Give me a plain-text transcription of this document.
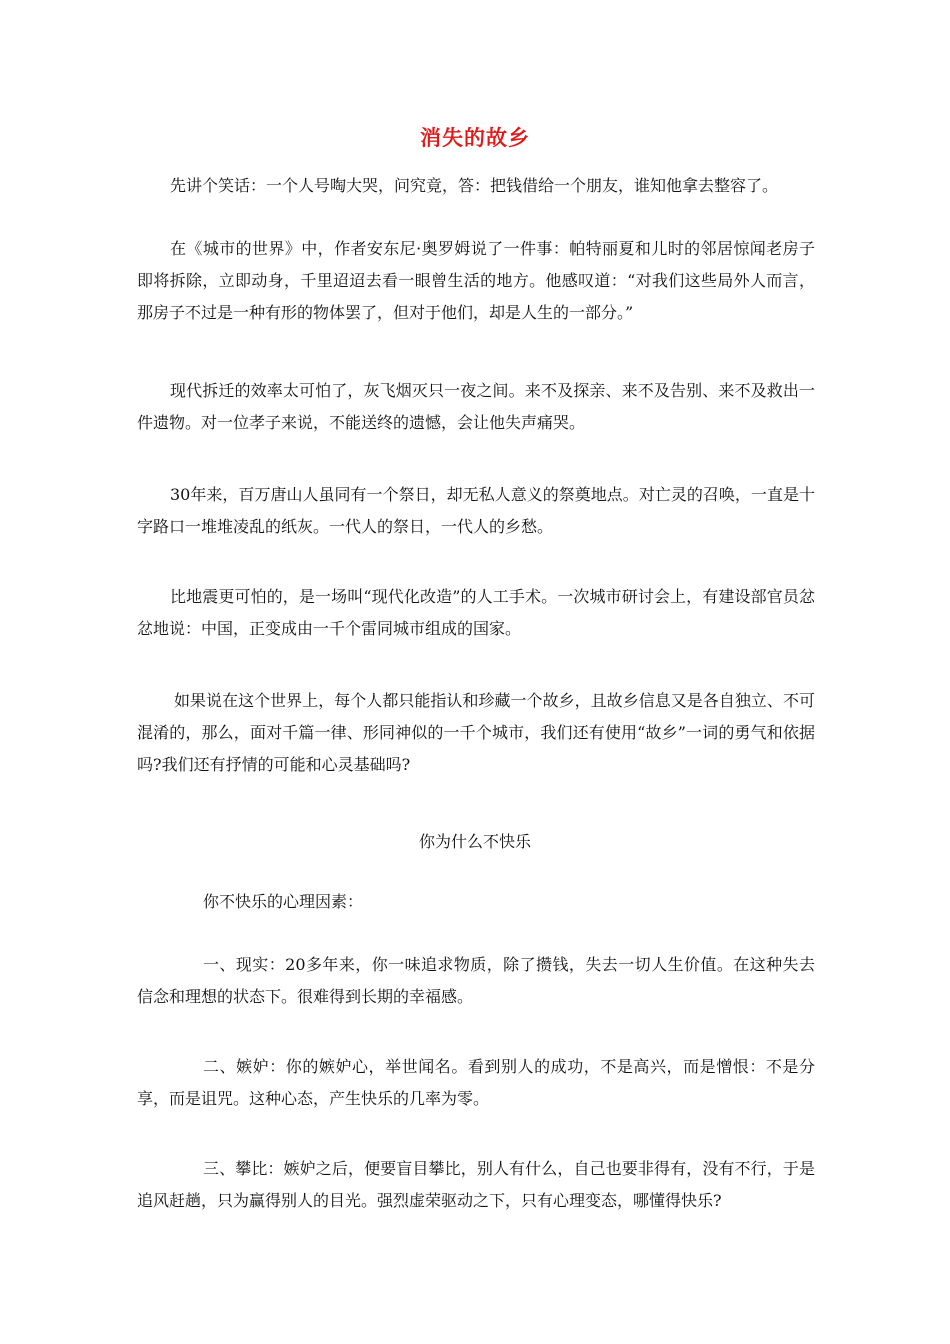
消失的故乡

先讲个笑话：一个人号啕大哭，问究竟，答：把钱借给一个朋友，谁知他拿去整容了。

在《城市的世界》中，作者安东尼·奥罗姆说了一件事：帕特丽夏和儿时的邻居惊闻老房子即将拆除，立即动身，千里迢迢去看一眼曾生活的地方。他感叹道：“对我们这些局外人而言，那房子不过是一种有形的物体罢了，但对于他们，却是人生的一部分。”

现代拆迁的效率太可怕了，灰飞烟灭只一夜之间。来不及探亲、来不及告别、来不及救出一件遗物。对一位孝子来说，不能送终的遗憾，会让他失声痛哭。

30年来，百万唐山人虽同有一个祭日，却无私人意义的祭奠地点。对亡灵的召唤，一直是十字路口一堆堆凌乱的纸灰。一代人的祭日，一代人的乡愁。

比地震更可怕的，是一场叫“现代化改造”的人工手术。一次城市研讨会上，有建设部官员忿忿地说：中国，正变成由一千个雷同城市组成的国家。

如果说在这个世界上，每个人都只能指认和珍藏一个故乡，且故乡信息又是各自独立、不可混淆的，那么，面对千篇一律、形同神似的一千个城市，我们还有使用“故乡”一词的勇气和依据吗?我们还有抒情的可能和心灵基础吗?

你为什么不快乐

你不快乐的心理因素：

一、现实：20多年来，你一味追求物质，除了攒钱，失去一切人生价值。在这种失去信念和理想的状态下。很难得到长期的幸福感。

二、嫉妒：你的嫉妒心，举世闻名。看到别人的成功，不是高兴，而是憎恨：不是分享，而是诅咒。这种心态，产生快乐的几率为零。

三、攀比：嫉妒之后，便要盲目攀比，别人有什么，自己也要非得有，没有不行，于是追风赶趟，只为赢得别人的目光。强烈虚荣驱动之下，只有心理变态，哪懂得快乐?
